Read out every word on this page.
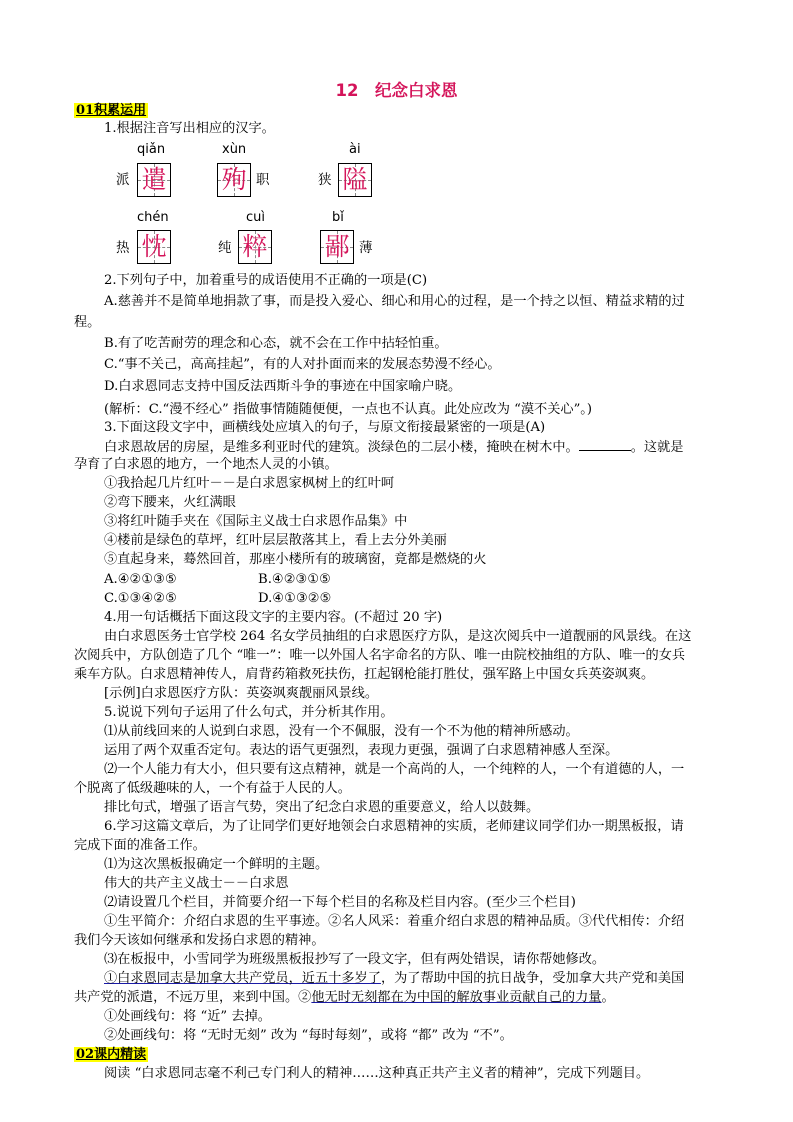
12　纪念白求恩
01积累运用
1.根据注音写出相应的汉字。
qiǎn
派 遣
xùn
殉 职
ài
狭 隘
chén
热 忱
cuì
纯 粹
bǐ
鄙 薄
2.下列句子中，加着重号的成语使用不正确的一项是(C)
A.慈善并不是简单地捐款了事，而是投入爱心、细心和用心的过程，是一个持之以恒、精益求精的过
程。
B.有了吃苦耐劳的理念和心态，就不会在工作中拈轻怕重。
C.“事不关己，高高挂起”，有的人对扑面而来的发展态势漫不经心。
D.白求恩同志支持中国反法西斯斗争的事迹在中国家喻户晓。
(解析：C.“漫不经心” 指做事情随随便便，一点也不认真。此处应改为 “漠不关心”。)
3.下面这段文字中，画横线处应填入的句子，与原文衔接最紧密的一项是(A)
白求恩故居的房屋，是维多利亚时代的建筑。淡绿色的二层小楼，掩映在树木中。	。这就是
孕育了白求恩的地方，一个地杰人灵的小镇。
①我拾起几片红叶－－是白求恩家枫树上的红叶呵
②弯下腰来，火红满眼
③将红叶随手夹在《国际主义战士白求恩作品集》中
④楼前是绿色的草坪，红叶层层散落其上，看上去分外美丽
⑤直起身来，蓦然回首，那座小楼所有的玻璃窗，竟都是燃烧的火
A.④②①③⑤	B.④②③①⑤
C.①③④②⑤	D.④①③②⑤
4.用一句话概括下面这段文字的主要内容。(不超过 20 字)
由白求恩医务士官学校 264 名女学员抽组的白求恩医疗方队，是这次阅兵中一道靓丽的风景线。在这
次阅兵中，方队创造了几个 “唯一”：唯一以外国人名字命名的方队、唯一由院校抽组的方队、唯一的女兵
乘车方队。白求恩精神传人，肩背药箱救死扶伤，扛起钢枪能打胜仗，强军路上中国女兵英姿飒爽。
[示例]白求恩医疗方队：英姿飒爽靓丽风景线。
5.说说下列句子运用了什么句式，并分析其作用。
⑴从前线回来的人说到白求恩，没有一个不佩服，没有一个不为他的精神所感动。
运用了两个双重否定句。表达的语气更强烈，表现力更强，强调了白求恩精神感人至深。
⑵一个人能力有大小，但只要有这点精神，就是一个高尚的人，一个纯粹的人，一个有道德的人，一
个脱离了低级趣味的人，一个有益于人民的人。
排比句式，增强了语言气势，突出了纪念白求恩的重要意义，给人以鼓舞。
6.学习这篇文章后，为了让同学们更好地领会白求恩精神的实质，老师建议同学们办一期黑板报，请
完成下面的准备工作。
⑴为这次黑板报确定一个鲜明的主题。
伟大的共产主义战士－－白求恩
⑵请设置几个栏目，并简要介绍一下每个栏目的名称及栏目内容。(至少三个栏目)
①生平简介：介绍白求恩的生平事迹。②名人风采：着重介绍白求恩的精神品质。③代代相传：介绍
我们今天该如何继承和发扬白求恩的精神。
⑶在板报中，小雪同学为班级黑板报抄写了一段文字，但有两处错误，请你帮她修改。
①白求恩同志是加拿大共产党员，近五十多岁了，为了帮助中国的抗日战争，受加拿大共产党和美国
共产党的派遣，不远万里，来到中国。②他无时无刻都在为中国的解放事业贡献自己的力量。
①处画线句：将 “近” 去掉。
②处画线句：将 “无时无刻” 改为 “每时每刻”，或将 “都” 改为 “不”。
02课内精读
阅读 “白求恩同志毫不利己专门利人的精神……这种真正共产主义者的精神”，完成下列题目。
